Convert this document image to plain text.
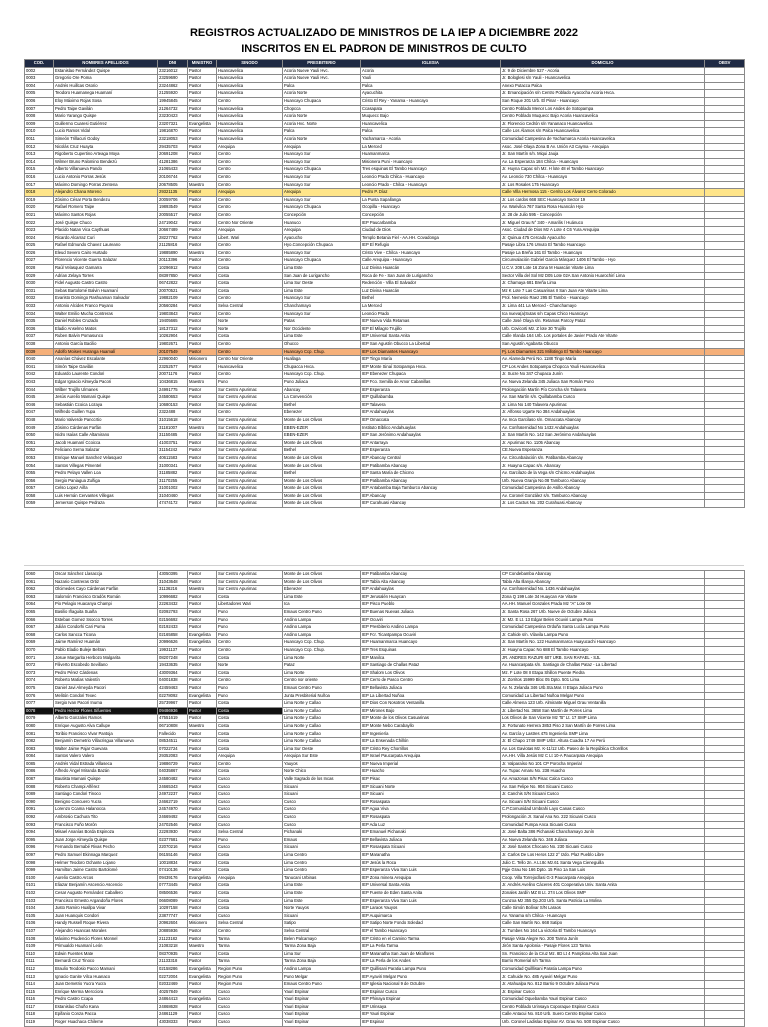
REGISTROS ACTUALIZADO DE MINISTROS DE LA IEP A DICIEMBRE 2022
INSCRITOS EN EL PADRON DE MINISTROS DE CULTO
COD.	NOMBRES APELLIDOS	DNI	MINISTRO	SINODO	PRESBITERIO	IGLESIA	DOMICILIO	OBSV
0002	Estanislao Fernández Quispe	23216012	Pastor	Huancavelica	Acoria Nueve Yauli Hvc.	Acoria	Jr. 9 de Diciembre 527 - Acoria	
0003	Gregorio Ore Poma	23259690	Pastor	Huancavelica	Acoria Nueve Yauli Hvc.	Yauli	Jr. Bologlesi s/n Yauli - Huancavelica	
0004	Andrés Huillcas Osorio	23244862	Pastor	Huancavelica	Palca	Palca	Anexo Putacca Palca	
0005	Teodoro Huamanega Huamaní	21255920	Pastor	Huancavelica	Acoria Norte	Ayacuchita	Jr. Emancipación s/n Centro Poblado Ayacocha Acoria Hvca.	
0006	Eloy Máximo Rojas Sosa	19945845	Pastor	Centro	Huancayo Chupaca	Cristo El Rey - Yanama - Huancayo	San Roque 201 Urb. El Pinar - Huancayo	
0007	Pedro Taipe Gavilán	21264732	Pastor	Huancavelica	Chopcca	Ccasapata	Centro Poblado Menor Los Andes de Sotopampa	
0008	Mario Yarango Quispe	23230423	Pastor	Huancavelica	Acoria Norte	Muquecc Bajo	Centro Poblado Muquecc Bajo Acoria Huancavelica	
0009	Guillermo Cuaresi Gutiérrez	23207321	Evangelista	Huancavelica	Acoria Hvc. Norte	Huancavelica	Jr. Florencio Cedrón s/n Yananaco Huancavelica	
0010	Lucio Ramos Vidal	19816870	Pastor	Huancavelica	Palca	Palca	Calle Los Álamos s/n Palca Huancavelica	
0011	Simeón Trillacuri Godoy	23218053	Pastor	Huancavelica	Acoria Norte	Yachamarca - Acoria	Comunidad Campesina de Yachamarca Acoria Huancavelica	
0012	Nicolás Cruz Huayta	29435703	Pastor	Arequipa	Arequipa	La Merced	Asoc. José Olaya Zona B Av. Unión A3 Cayma - Arequipa	
0013	Rigoberto Cupertino Arteaga Moya	20691208	Pastor	Centro	Huancayo Sur	Huamanmarca	Jr. San Martín s/n. Miqui Jauja	
0014	Wilmer Bruno Palomino Bendezú	41281386	Pastor	Centro	Huancayo Sur	Misionera Puni - Huancayo	Av. La Esperanza 184 Chilca - Huancayo	
0015	Alberto Villanueva Pando	21065433	Pastor	Centro	Huancayo Chupaca	Tres esquinas El Tambo Huancayo	Jr. Huyna Capac s/n Mz. H lote 48 el Tambo Huancayo	
0016	Lucio Antonio Porras Jesús	20106744	Pastor	Centro	Huancayo Sur	Leoncio Prado Chilca - Huancayo	Av. Leoncio 730 Chilca - Huancayo	
0017	Máximo Domingo Porras Zentena	20678505	Maestro	Centro	Huancayo Sur	Leoncio Prado - Chilca - Huancayo	Jr. Los Rosales 175 Huancayo	
0018	Alejandro Chana Moreno	29321135	Pastor	Arequipa	Arequipa	Pedro P. Díaz	Calle Villa Hermosa 115 - Cerrito Los Álvarez Cerro Colorado	
0019	Zósimo César Porta Bendezu	20059706	Pastor	Centro	Huancayo Sur	La Punta Sapallanga	Jr. Los cardos 668 SEC Huancayo Sector 19	
0020	Rafael Romero Taipe	19893549	Pastor	Centro	Huancayo Chupaca	Ocopilla - Huancayo	Av. Warivilca 767 Santa Rosa Huancán Hyo	
0021	Máximo Santos Rojas	20055517	Pastor	Centro	Concepción	Concepción	Jr. 28 de Julio 595 - Concepción	
0022	José Quispe Chuco	24719042	Pastor	Centro Nor Oriente	Huanuco	IEP Paucarbamba	Jr. Miguel Grau N° 340 - Amarilis / Huánuco	
0023	Placido Natan Vica Caythuas	20667489	Pastor	Arequipa	Arequipa	Ciudad de Dios	Asoc. Ciudad de Dios Mz A Lote 4 C6 Yura Arequipa	
0024	Ricardo Alcarraz Curi	28227762	Pastor	Libert. Wari	Ayacucho	Templo Betania Fiel - AA.HH. Covadonga	Jr. Quinua 475 Cercado Ayacucho	
0025	Rafael Edmundo Chavez Laureano	21125816	Pastor	Centro	Hyo.Concepción Chupaca	IEP El Refugio	Pasaje Libra 176 Umuto El Tambo Huancayo	
0026	Eleud Severo Cairo Hurtado	19885890	Maestro	Centro	Huancayo Sur	Cristo Vive - Chilca - Huancayo	Pasaje La Breña 161 El Tambo - Huancayo	
0027	Florencio Vicente Guerra Salazar	20113396	Pastor	Centro	Huancayo Chupaca	Calle Arequipa - Huancayo	Circunvalación Gabriel García Márquez 1406 El Tambo - Hyo	
0028	Raúl Velasquez Gamarra	10296912	Pastor	Costa	Lima Este	Luz Divina Huascán	U.C.V. 208 Lote 16 Zona M Huascán Vitarte Lima	
0029	Adrian Zelaya Torres	08397850	Pastor	Costa	San Juan de Lurigancho	Roca de Fe - San Juan de Lurigancho	Sector Villa del Sol Mz D05 Lote 02A San Antonio Huarochirí Lima	
0030	Fidel Augusto Castro Castro	06742822	Pastor	Costa	Lima Sur Oeste	Redención - Villa El Salvador	Jr. Chamaya 681 Breña Lima	
0031	Sebas Bartolomé Balvin Huamaní	20070521	Pastor	Costa	Lima Este	Luz Divina Huascán	Mz K Lote 7 Las Casuarinas II San Juan Ate Vitarte Lima	
0032	Evaristo Domingo Rashuaman Salvador	19882109	Pastor	Centro	Huancayo Sur	Bethel	Prol. Nemesio Raez 295 El Tambo - Huancayo	
0033	Antonio Alcides Franco Payano	20560284	Pastor	Selva Central	Chanchamayo	La Merced	Jr. Lima 441 La Merced - Chanchamayo	
0034	Walter Emilio Mucha Contreras	19803843	Pastor	Centro	Huancayo Sur	Leoncio Prado	Ica nueva(a)Sutas s/n Capas Chico Huancayo	
0035	Daniel Robles Cruzado	19405665	Pastor	Norte	Patas	IEP Nueva Vida Retamas	Calle José Olaya s/n. Retamas Parcoy Pataz	
0036	Eladio Anselmo Matos	18137312	Pastor	Norte	Nor Occidente	IEP El Milagro Trujillo	Urb. Covicorti Mz. Z lote 30 Trujillo	
0037	Ruben Balvin Pomasunco	10262904	Pastor	Costa	Lima Este	IEP Universal Santa Anita	Calle Irlanda 164 Urb. Los portales de Javier Prado Ate Vitarte	
0038	Antonio García Bacilio	19802671	Pastor	Centro	Ohucco	IEP San Agustín Obucco La Libertad	San Agustín Agabarta Obucco	
0039	Adolfo Moises Huranga Huamalí	20107549	Pastor	Centro	Huancayo Ccp. Chup.	IEP Los Diamantes Huancayo	Pj. Los Diamantes 321 Millotingo El Tambo Huancayo	
0040	Ananías Chávez Escalante	22960040	Misionero	Centro Nor Oriente	Huallaga	IEP Tingo María	Av. Alameda Perú No. 1188 Tingo María	
0041	Simón Taipe Gavilán	23252577	Pastor	Huancavelica	Chupacca Hvca.	IEP Monte Sinaí Sotopampa Hvca.	CP Los Andes Sotopampa Chopcca Yauli Huancavelica	
0042	Eduardo Laurente Condori	20071176	Pastor	Centro	Huancayo Ccp. Chup.	IEP Ebenezer Chupaca	Jr. Sucre No 347 Chupaca Junín	
0043	Edgar Ignacio Almeyda Pacori	10436815	Maestro	Puno	Puno Juliaca	IEP Fco. Semilla de Amor Cabanillas	Av. Nueva Zelanda 345 Juliaca San Román Puno	
0044	Wilber Trujillo Ulmanes	24991775	Pastor	Sur Centro Apurimac	Abancay	IEP Esperanza	Prolongación Martín Pío Concha s/n Talavera	
0045	Jesús Aurelio Mamani Quispe	24580653	Pastor	Sur Centro Apurimac	La Convención	IEP Quillabamba	Av. San Martín s/n. Quillabamba Cusco	
0046	Sebastián Ccoica Lozaya	10680153	Pastor	Sur Centro Apurimac	Bethel	IEP Talavera	Jr. Lima No 140 Talavera Apurimac	
0047	Wilfredo Guillen Yupa	2322488	Pastor	Centro	Ebenezer	IEP Andahuaylas	Jr. Alfonso Ugarte No 384 Andahuaylas	
0048	Mario Valverde Panccrtio	31015618	Pastor	Sur Centro Apurimac	Monte de Los Olivos	IEP Omaccata	Av. Inca Garcilaso s/n. Omaccata Abancay	
0049	Zósimo Cárdenas Farfán	31181007	Maestro	Sur Centro Apurimac	EBEN-EZER	Instituto Bíblico Andahuaylas	Av. Confraternidad No 1432 Andahuaylas	
0050	Isidro Isaías Calle Altamirano	31150485	Pastor	Sur Centro Apurimac	EBEN-EZER	IEP San Jerónimo Andahuaylas	Jr. San Martín No. 142 San Jerónimo Andahuaylas	
0051	Jacob Huamaní Ccoicca	41003751	Pastor	Sur Centro Apurimac	Monte de Los Olivos	IEP Antarraya	Jr. Apurimac No. 1105 Abancay	
0052	Feliciano Serna Salazar	31154242	Pastor	Sur Centro Apurimac	Bethel	IEP Esperanza	CE.Nueva Esperanza	
0053	Enrique Manuel Sanchez Velasquez	40611583	Pastor	Sur Centro Apurimac	Monte de Los Olivos	IEP Abancay Central	Av. Circunbalación s/n. Patibamba Abancay	
0054	Santos Villegas Pimentel	31000341	Pastor	Sur Centro Apurimac	Monte de Los Olivos	IEP Patibamba Abancay	Jr. Huayna Capac s/n. Abancay	
0055	Pedro Pelayo Vallen Loa	31185882	Pastor	Sur Centro Apurimac	Bethel	IEP Santa María de Chicmo	Av. Garcilazo de la Vega s/n Chicmo Andahuaylas	
0056	Sergio Paniagua Zuñiga	31170255	Pastor	Sur Centro Apurimac	Monte de Los Olivos	IEP Patibamba Abancay	Urb. Nueva Granja No.08 Tamburco Abancay	
0057	Celso Lopez Aiña	31001002	Pastor	Sur Centro Apurimac	Monte de Los Olivos	IEP Antabamba Baja Tamburco Abancay	Comunidad Campesina de Asillo Abancay	
0058	Luis Hernán Cervantes Villegas	31040460	Pastor	Sur Centro Apurimac	Monte de Los Olivos	IEP Abancay	Av. Coronel González s/n. Tamburco Abancay	
0059	Jemerson Quispe Pedraza	47474172	Pastor	Sur Centro Apurimac	Monte de Los Olivos	IEP Curahuasi Abancay	Jr. Los Cactus No. 202 Curahuasi Abancay	
0060	Oscar Sánchez Llasaccja	43050395	Pastor	Sur Centro Apurimac	Monte de Los Olivos	IEP Patibamba Abancay	CP Condebamba Abancay	
0061	Nazario Contreras Ortiz	31043648	Pastor	Sur Centro Apurimac	Monte de Los Olivos	IEP Tabla Alta Abancay	Tabla Alta Illanya Abancay	
0062	Olcimedes Cayo Cárdenas Farfán	31136216	Maestro	Sur Centro Apurimac	Ebenezer	IEP Andahuaylas	Av. Confraternidad No. 1436 Andahuaylas	
0063	Salomón Francisco Gradós Román	10996682	Pastor	Costa	Lima Este	IEP Jerusalén Huaycan	Zona Q 199 Lote 34 Huaycan Ate Vitarte	
0064	Pio Pelagio Huacanya Champi	22263432	Pastor	Libertadores Wari	Ica	IEP Pisco Pueblo	AA.HH. Manuel Gonzales Prada Mz "A" Lote 09	
0065	Basilio Iñaguita Suaña	02092793	Pastor	Puno	Emaus Centro Puno	IEP Buenas Nuevas Juliaca	Jr. Santa Rosa 267 Urb. Nueve de Octubre Juliaca	
0066	Esteban Gomez Ssocco Torres	02156692	Pastor	Puno	Andino Lampa	IEP Ocuviri	Jr. Mz. E Lt. 13 Edgar Belen Ocuviri Lampa Puno	
0067	Julián Condorhi Cari Puma	02192433	Pastor	Puno	Andino Lampa	IEP Presbiterio Andino Lampa	Comunidad Campesina Orduña Santa Lucía Lampa Puno	
0068	Carlos Sancca Ticona	02165858	Evangelista	Puno	Andino Lampa	IEP Fcr. Ticantpampa Ocuviri	Jr. Cahide s/n. Vilavila Lampa Puno	
0069	Jaime Ramírez Huamán	20996626	Evangelista	Centro	Huancayo Ccp. Chup.	IEP Huamanmarca Huancayo	Jr. San Martín No. 122 Huamanmarca Huayucachi Huancayo	
0070	Pablo Eladio Buleje Beltran	19931137	Pastor	Centro	Huancayo Ccp. Chup.	IEP Tres Esquinas	Jr. Huayna Capac No 688 El Tambo Huancayo	
0071	Josue Margarita Herbozo Malgarita	08207248	Pastor	Costa	Lima Norte	IEP Manilca	JR. ANDRES RAZURI 607 URB. SAN RAFAEL - SJL	
0072	Filiverto Escobedo Sevillano	19433635	Pastor	Norte	Pataz	IEP Santiago de Challas Pataz	Av. Huancaspata s/n. Santiago de Challas Pataz - La Libertad	
0073	Pedro Pérez Cárdenas	43009364	Pastor	Costa	Lima Norte	IEP Shalom Los Olivos	Mz. F Lote 08 II Etapa Shillon Puente Piedra	
0074	Roberto Matías Valentín	04001838	Pastor	Centro	Centro nor oriente	IEP Cerro de Pasco Centro	Jr. Zorritos 15999 Bloc 05 Dpto. 501 Lima	
0075	Daniel Javi Almeyda Pacori	42459463	Pastor	Puno	Emaus Centro Puno	IEP Bellavista Juliaca	Av. N. Zelanda 346 Urb.Sta.Mar. II Etapa Juliaca Puno	
0076	Melitón Condori Texec	02278092	Evangelista	Puno	Junta Presbiterial Nuñoa	IEP La Libertad Nuñoa	Comunidad La Libertad Nuñoa Melgar Puno	
0077	Sergio Ivan Pacori Inuma	25739967	Pastor	Costa	Lima Norte y Callao	IEP Dios Con Nosotros Ventanilla	Calle Almena 123 Urb. Almirante Miguel Grau Ventanilla	
0078	Pedro Hector Flores Sifuentes	09486936	Pastor	Costa	Lima Norte y Callao	IEP Mirones Bajo	Jr. Libertad No. 3658 San Martín de Porres Lima	
0079	Alberto Gonzales Ramos	47551619	Pastor	Costa	Lima Norte y Callao	IEP Monte de los Olivos Casuarinas	Los Olivos de San Vicente Mz "B" Lt. 17 SMP Lima	
0080	Enrique Augusto Alva Callupe	06710808	Maestro	Costa	Lima Norte y Callao	IEP Monte Nebo Carabayllo	Jr. Fortunato Herrera 3853 Piso 2 San Martín de Porres Lima	
0081	Toribio Francisco Vivar Pantoja	Fallecido	Pastor	Costa	Lima Norte y Callao	IEP Ingeniería	Av. García y Lastres 475 Ingeniería SMP Lima	
0082	Benjamín Demetrio Villacrisgua Villanueva	08534511	Pastor	Costa	Lima Norte y Callao	IEP La Ensenada Chillón	Jr. El Chapo 1749 SMP Urbz. Altura Cuadra 17 Av Perú	
0083	Walter Jaime Pajar Guevara	07022724	Pastor	Costa	Lima Sur Oeste	IEP Cristo Rey Chorrillos	Av. Los Gaviotas Mz. K-11/12 Urb. Paseo de la República Chorrillos	
0084	Santos Valero Valero	29352083	Pastor	Arequipa	Arequipa Sur Este	IEP Israel Paucarpata Arequipa	AA.HH. Villa Jesús Mz C Lt 10-A Paucarpata Arequipa	
0085	Andrés Vidal Estrada Villaseca	19886729	Pastor	Centro	Yauyos	IEP Nueva Imperial	Jr. Valparaíso No 101 CP Porocha Imperial	
0086	Alfredo Ángel Miranda Bazán	04035867	Pastor	Costa	Norte Chico	IEP Huacho	Av. Tupac Amaru No. 238 Huacho	
0087	Bautista Mamani Quispe	24580482	Pastor	Cusco	Valle Sagrado de los Incas	IEP Pisac	Av. Amazonas S/N Pisac Calca Cusco	
0088	Roberto Champi Alférez	24665343	Pastor	Cusco	Sicuani	IEP Sicuani Norte	Av. San Felipe No. 904 Sicuani Cusco	
0089	Santiago Condori Tinoco	24972237	Pastor	Cusco	Sicuani	IEP Sicuani	Jr. Canchis S/N Sicuani Cusco	
0090	Benigno Concuero Yucra	24662719	Pastor	Cusco	Cusco	IEP Rosaspata	Av. Sicuani S/N Sicuani Cusco	
0091	Lorenzo Ccama Halanocca	24574970	Pastor	Cusco	Cusco	IEP Agua Viva	C.P.Comunidad Umbrahi Layo Canas Cusco	
0092	Ambrosio Cachura Tito	24669492	Pastor	Cusco	Cusco	IEP Rosaspata	Prolongación Jr. Sanal Ana No. 222 Sicuani Cusco	
0093	Francisco Fuño Morón	24702546	Pastor	Cusco	Cusco	IEP Ada Luz	Comunidad Pumpa Anca Sicuani Cusco	
0094	Misael Ananías Borda Espinoza	22293930	Pastor	Selva Central	Pichanaki	IEP Emanuel Pichanaki	Jr. José Balta 386 Pichanaki Chanchamayo Junín	
0095	Juan Jorge Almeyda Quispe	02377681	Pastor	Puno	Emaus	IEP Bellavista Juliaca	Av. Nueva Zelanda No. 346 Juliaca	
0096	Fernando Bernabé Rivas Pecho	22070216	Pastor	Cusco	Sicuani	IEP Rosaspata Sicuani	Jr. José Santos Chocano No. 230 Sicuani Cusco	
0097	Pedro Samuel Ekinnaga Marquez	06155146	Pastor	Costa	Lima Centro	IEP Maranatha	Jr. Carlos De Los Heros 122 2° Izdo. Plaz Pueblo Libre	
0098	Helmer Teodoro Ochante Lojano	10018834	Pastor	Costa	Lima Centro	IEP Jesús la Roca	Julio C. Tello 2n. A Lt.8c Mz.61 Santa Vega Cieneguilla	
0099	Hamilton Jaime Castro Bartolomé	07410136	Pastor	Costa	Lima Centro	IEP Esperanza Viva San Luis	Pgje Grau No 166 Dpto. 15 Piso 1a San Luis	
0100	Aurelio Castro Arcos	09439176	Evangelista	Arequipa	Tanucani Urbinas	IEP Zona minera Arequipa	Coop. Villa Torrejocllasi G-3 Paucarpata Arequipa	
0101	Eliazar Benjamín Ascencio Ascencio	07773445	Pastor	Costa	Lima Este	IEP Universal Santa Anita	Jr. Andrés Avelino Cáceres 401 Cooperativa Univ. Santa Anita	
0102	Cesar Augusto Fernández Caballero	08506536	Pastor	Costa	Lima Este	IEP Fuente de Eden Santa Anita	Zonales Jardín MZ B Lt. 274 Los Olivos SMP	
0103	Francisco Ernesto Argandoña Flores	06608089	Pastor	Costa	Lima Este	IEP Esperanza Viva San Luis	Cunzoa Mz 355 Dp.203 Urb. Santa Patricia La Molina	
0104	Justo Ramiro Huallpa Vivar	10297158	Pastor	Costa	Norte Yauyos	IEP Laraos Yauyos	Calle Simón Bolívar S/N Laraos	
0105	Juan Huanquis Condori	23877747	Pastor	Cusco	Sicuani	IEP Auquimarca	Av. Yanama s/n Chilca - Huancayo	
0106	Handy Russell Roque Rivera	20962604	Misionero	Selva Central	Satipo	IEP Satipo Norte Fondo Soledad	Calle San Martín No. 668 Satipo	
0107	Alejandro Huancas Morales	20885936	Pastor	Centro	Selva Central	IEP el Tambo Huancayo	Jr. Tumbes No 164 La victoria El Tambo Huancayo	
0108	Máximo Prudencio Flores Monnel	21123182	Pastor	Tarma	Belen Palcamayo	IEP Cristo en el Camino Tarma	Pasaje Vista Alegre No. 200 Tarma Junín	
0109	Primualdo Huamaní León	21083218	Maestro	Tarma	Tarma Zona Baja	IEP La Perla Tarma	Jirón Santa Apolonia - Pasaje Flores 123 Tarma	
0110	Edwin Fuentes Mate	08370935	Pastor	Costa	Lima Sur	IEP Maranatha San Juan de Miraflores	Sn. Francisco de la Cruz Mz. 8D Lt 4 Pamplona Alta San Juan	
0111	Bernardi Cruz Tinoco	21133318	Pastor	Tarma	Tarma Zona Baja	IEP La Perla de los Andes	Barrio Romerial s/n Tarma	
0112	Braulio Teodosio Pacco Mamani	02158286	Evangelista	Region Puno	Andino Lampa	IEP Quillisani Paratia Lampa Puno	Comunidad Quilllisani Paratia Lampa Puno	
0113	Ignacio Ganite Vilca Huanaco	02272004	Evangelista	Region Puno	Puno Melgar	IEP Ayaviri Melgar Puno	Jr. Cahuide No. 485 Ayaviri Melgar Puno	
0114	Juan Demetrio Yucra Yucra	02032469	Pastor	Region Puno	Emaus Centro Puno	IEP Iglesia Nacional 9 de Octubre	Jr. Atahualpa No. 812 Barrio 9 Octubre Juliaca Puno	
0115	Enrique Merma Mercciora	40257849	Pastor	Cusco	Yauri Espinar	IEP Espinar Cusco	Jr. Espinar Cusco	
0116	Pedro Castro Ccapa	24864413	Evangelista	Cusco	Yauri Espinar	IEP Phinaya Espinar	Comunidad Oquebamba Yauri Espinar Cusco	
0117	Estanislao Chuño Kana	24868628	Pastor	Cusco	Yauri Espinar	IEP Urinsaya	Centro Poblado Urinsaya Coporaque Espinar Cusco	
0118	Epifanio Conza Pacca	24861129	Pastor	Cusco	Yauri Espinar	IEP Yauri Espinar	Calle Antacui No. 810 Urb. Suero Centro Espinar Cusco	
0119	Roger Huachaca Chilerne	43038333	Pastor	Cusco	Yauri Espinar	IEP Espinar	Urb. Coronel Ladislao Espinar AV. Grau No. 500 Espinar Cusco	
